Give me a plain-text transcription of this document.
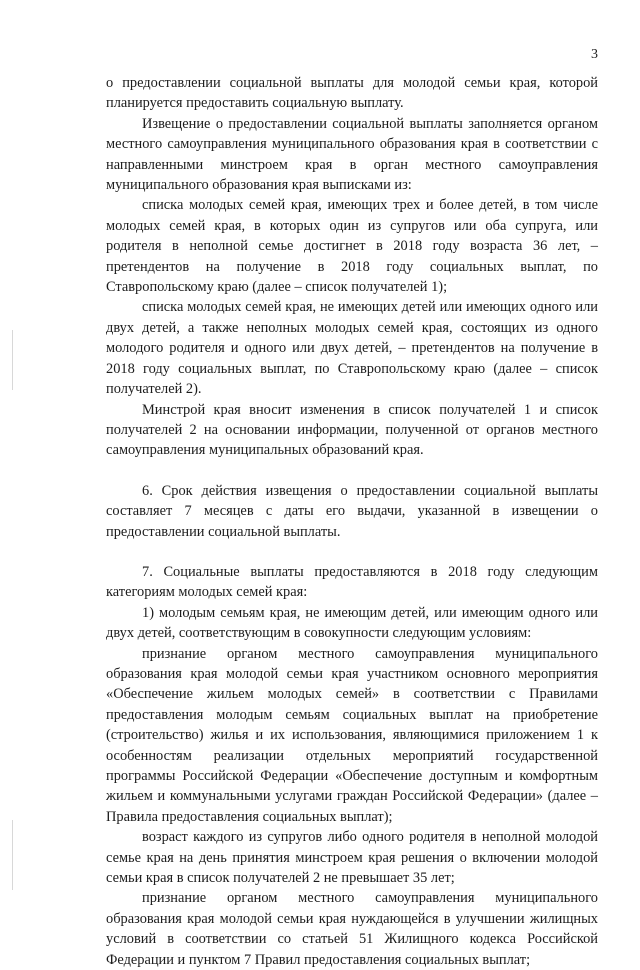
3

о предоставлении социальной выплаты для молодой семьи края, которой планируется предоставить социальную выплату.

Извещение о предоставлении социальной выплаты заполняется органом местного самоуправления муниципального образования края в соответствии с направленными минстроем края в орган местного самоуправления муниципального образования края выписками из:

списка молодых семей края, имеющих трех и более детей, в том числе молодых семей края, в которых один из супругов или оба супруга, или родителя в неполной семье достигнет в 2018 году возраста 36 лет, – претендентов на получение в 2018 году социальных выплат, по Ставропольскому краю (далее – список получателей 1);

списка молодых семей края, не имеющих детей или имеющих одного или двух детей, а также неполных молодых семей края, состоящих из одного молодого родителя и одного или двух детей, – претендентов на получение в 2018 году социальных выплат, по Ставропольскому краю (далее – список получателей 2).

Минстрой края вносит изменения в список получателей 1 и список получателей 2 на основании информации, полученной от органов местного самоуправления муниципальных образований края.

6. Срок действия извещения о предоставлении социальной выплаты составляет 7 месяцев с даты его выдачи, указанной в извещении о предоставлении социальной выплаты.

7. Социальные выплаты предоставляются в 2018 году следующим категориям молодых семей края:

1) молодым семьям края, не имеющим детей, или имеющим одного или двух детей, соответствующим в совокупности следующим условиям:

признание органом местного самоуправления муниципального образования края молодой семьи края участником основного мероприятия «Обеспечение жильем молодых семей» в соответствии с Правилами предоставления молодым семьям социальных выплат на приобретение (строительство) жилья и их использования, являющимися приложением 1 к особенностям реализации отдельных мероприятий государственной программы Российской Федерации «Обеспечение доступным и комфортным жильем и коммунальными услугами граждан Российской Федерации» (далее – Правила предоставления социальных выплат);

возраст каждого из супругов либо одного родителя в неполной молодой семье края на день принятия минстроем края решения о включении молодой семьи края в список получателей 2 не превышает 35 лет;

признание органом местного самоуправления муниципального образования края молодой семьи края нуждающейся в улучшении жилищных условий в соответствии со статьей 51 Жилищного кодекса Российской Федерации и пунктом 7 Правил предоставления социальных выплат;
